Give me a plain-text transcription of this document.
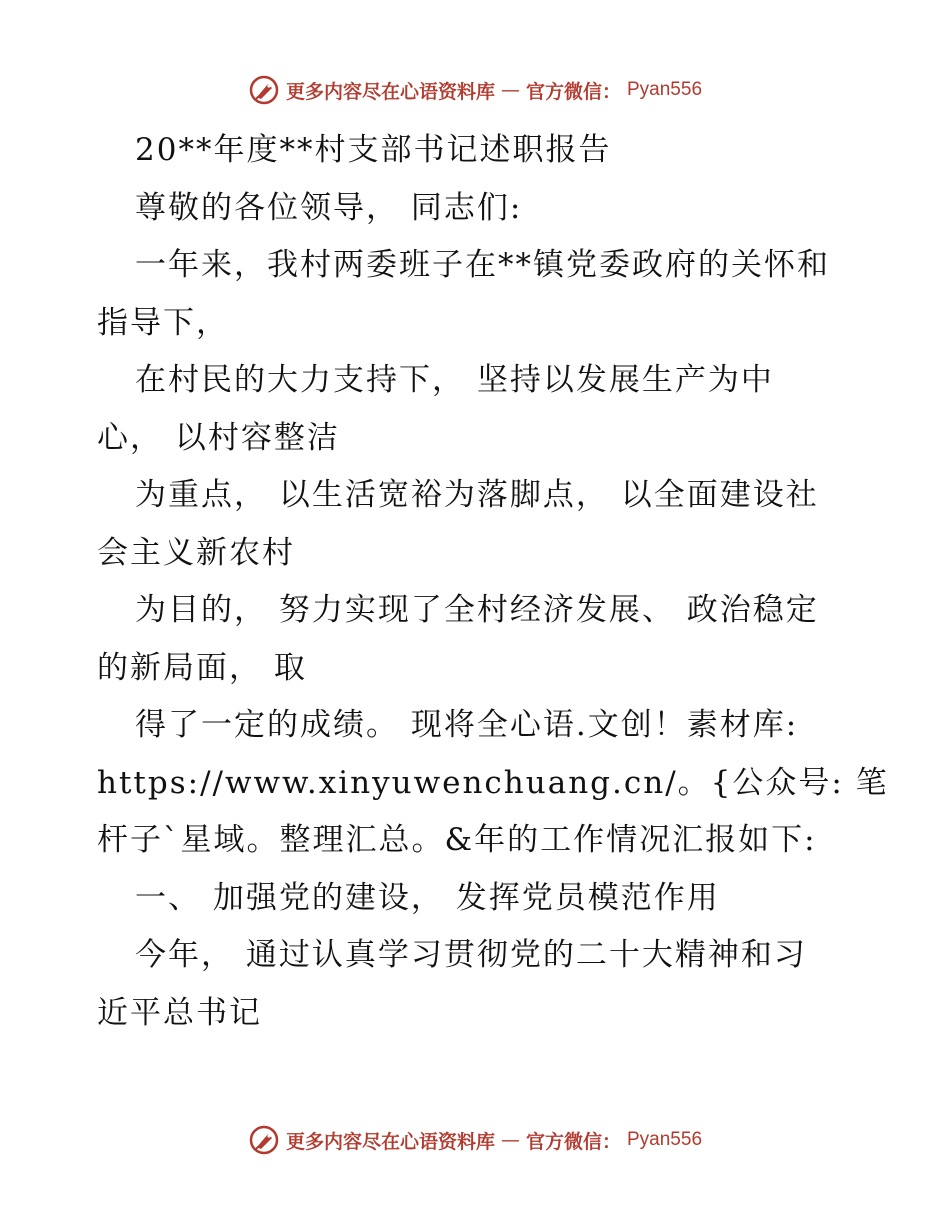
更多内容尽在心语资料库 — 官方微信： Pyan556
20**年度**村支部书记述职报告
尊敬的各位领导， 同志们:
一年来，我村两委班子在**镇党委政府的关怀和
指导下，
在村民的大力支持下， 坚持以发展生产为中
心， 以村容整洁
为重点， 以生活宽裕为落脚点， 以全面建设社
会主义新农村
为目的， 努力实现了全村经济发展、 政治稳定
的新局面， 取
得了一定的成绩。 现将全心语.文创！素材库:
https://www.xinyuwenchuang.cn/。{公众号: 笔
杆子`星域。整理汇总。&年的工作情况汇报如下:
一、 加强党的建设， 发挥党员模范作用
今年， 通过认真学习贯彻党的二十大精神和习
近平总书记
更多内容尽在心语资料库 — 官方微信： Pyan556
